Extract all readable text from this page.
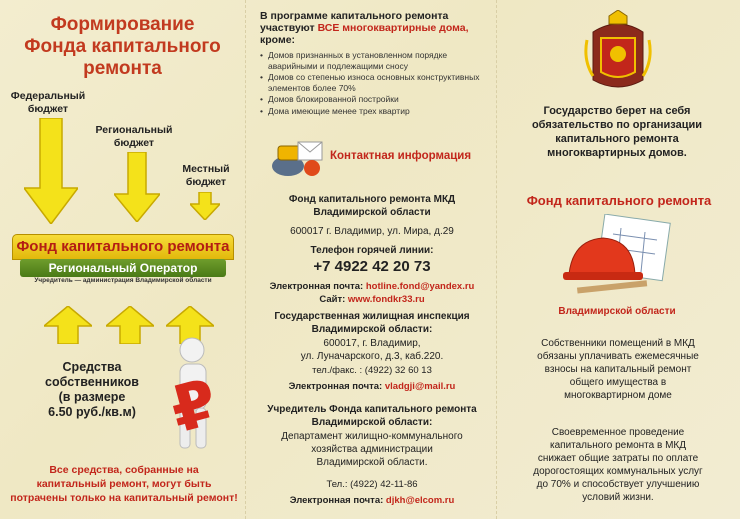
Формирование
Фонда капитального
ремонта
Федеральный
бюджет
Региональный
бюджет
Местный
бюджет
Фонд капитального ремонта
Региональный Оператор
Учредитель — администрация Владимирской области
Средства
собственников
(в размере
6.50 руб./кв.м) ₽
Все средства, собранные на
капитальный ремонт, могут быть
потрачены только на капитальный ремонт!
В программе капитального ремонта участвуют ВСЕ многоквартирные дома,
кроме:
• Домов признанных в установленном порядке аварийными и подлежащими сносу
• Домов со степенью износа основных конструктивных элементов более 70%
• Домов блокированной постройки
• Дома имеющие менее трех квартир
Контактная информация
Фонд капитального ремонта МКД
Владимирской области
600017 г. Владимир, ул. Мира, д.29
Телефон горячей линии:
+7 4922 42 20 73
Электронная почта: hotline.fond@yandex.ru
Сайт: www.fondkr33.ru
Государственная жилищная инспекция
Владимирской области:
600017, г. Владимир,
ул. Луначарского, д.3, каб.220.
тел./факс. : (4922) 32 60 13
Электронная почта: vladgji@mail.ru
Учредитель Фонда капитального ремонта
Владимирской области:
Департамент жилищно-коммунального
хозяйства администрации
Владимирской области.
Тел.: (4922) 42-11-86
Электронная почта: djkh@elcom.ru
Государство берет на себя
обязательство по организации
капитального ремонта
многоквартирных домов.
Фонд капитального ремонта
Владимирской области
Собственники помещений в МКД
обязаны уплачивать ежемесячные
взносы на капитальный ремонт
общего имущества в
многоквартирном доме
Своевременное проведение
капитального ремонта в МКД
снижает общие затраты по оплате
дорогостоящих коммунальных услуг
до 70% и способствует улучшению
условий жизни.
